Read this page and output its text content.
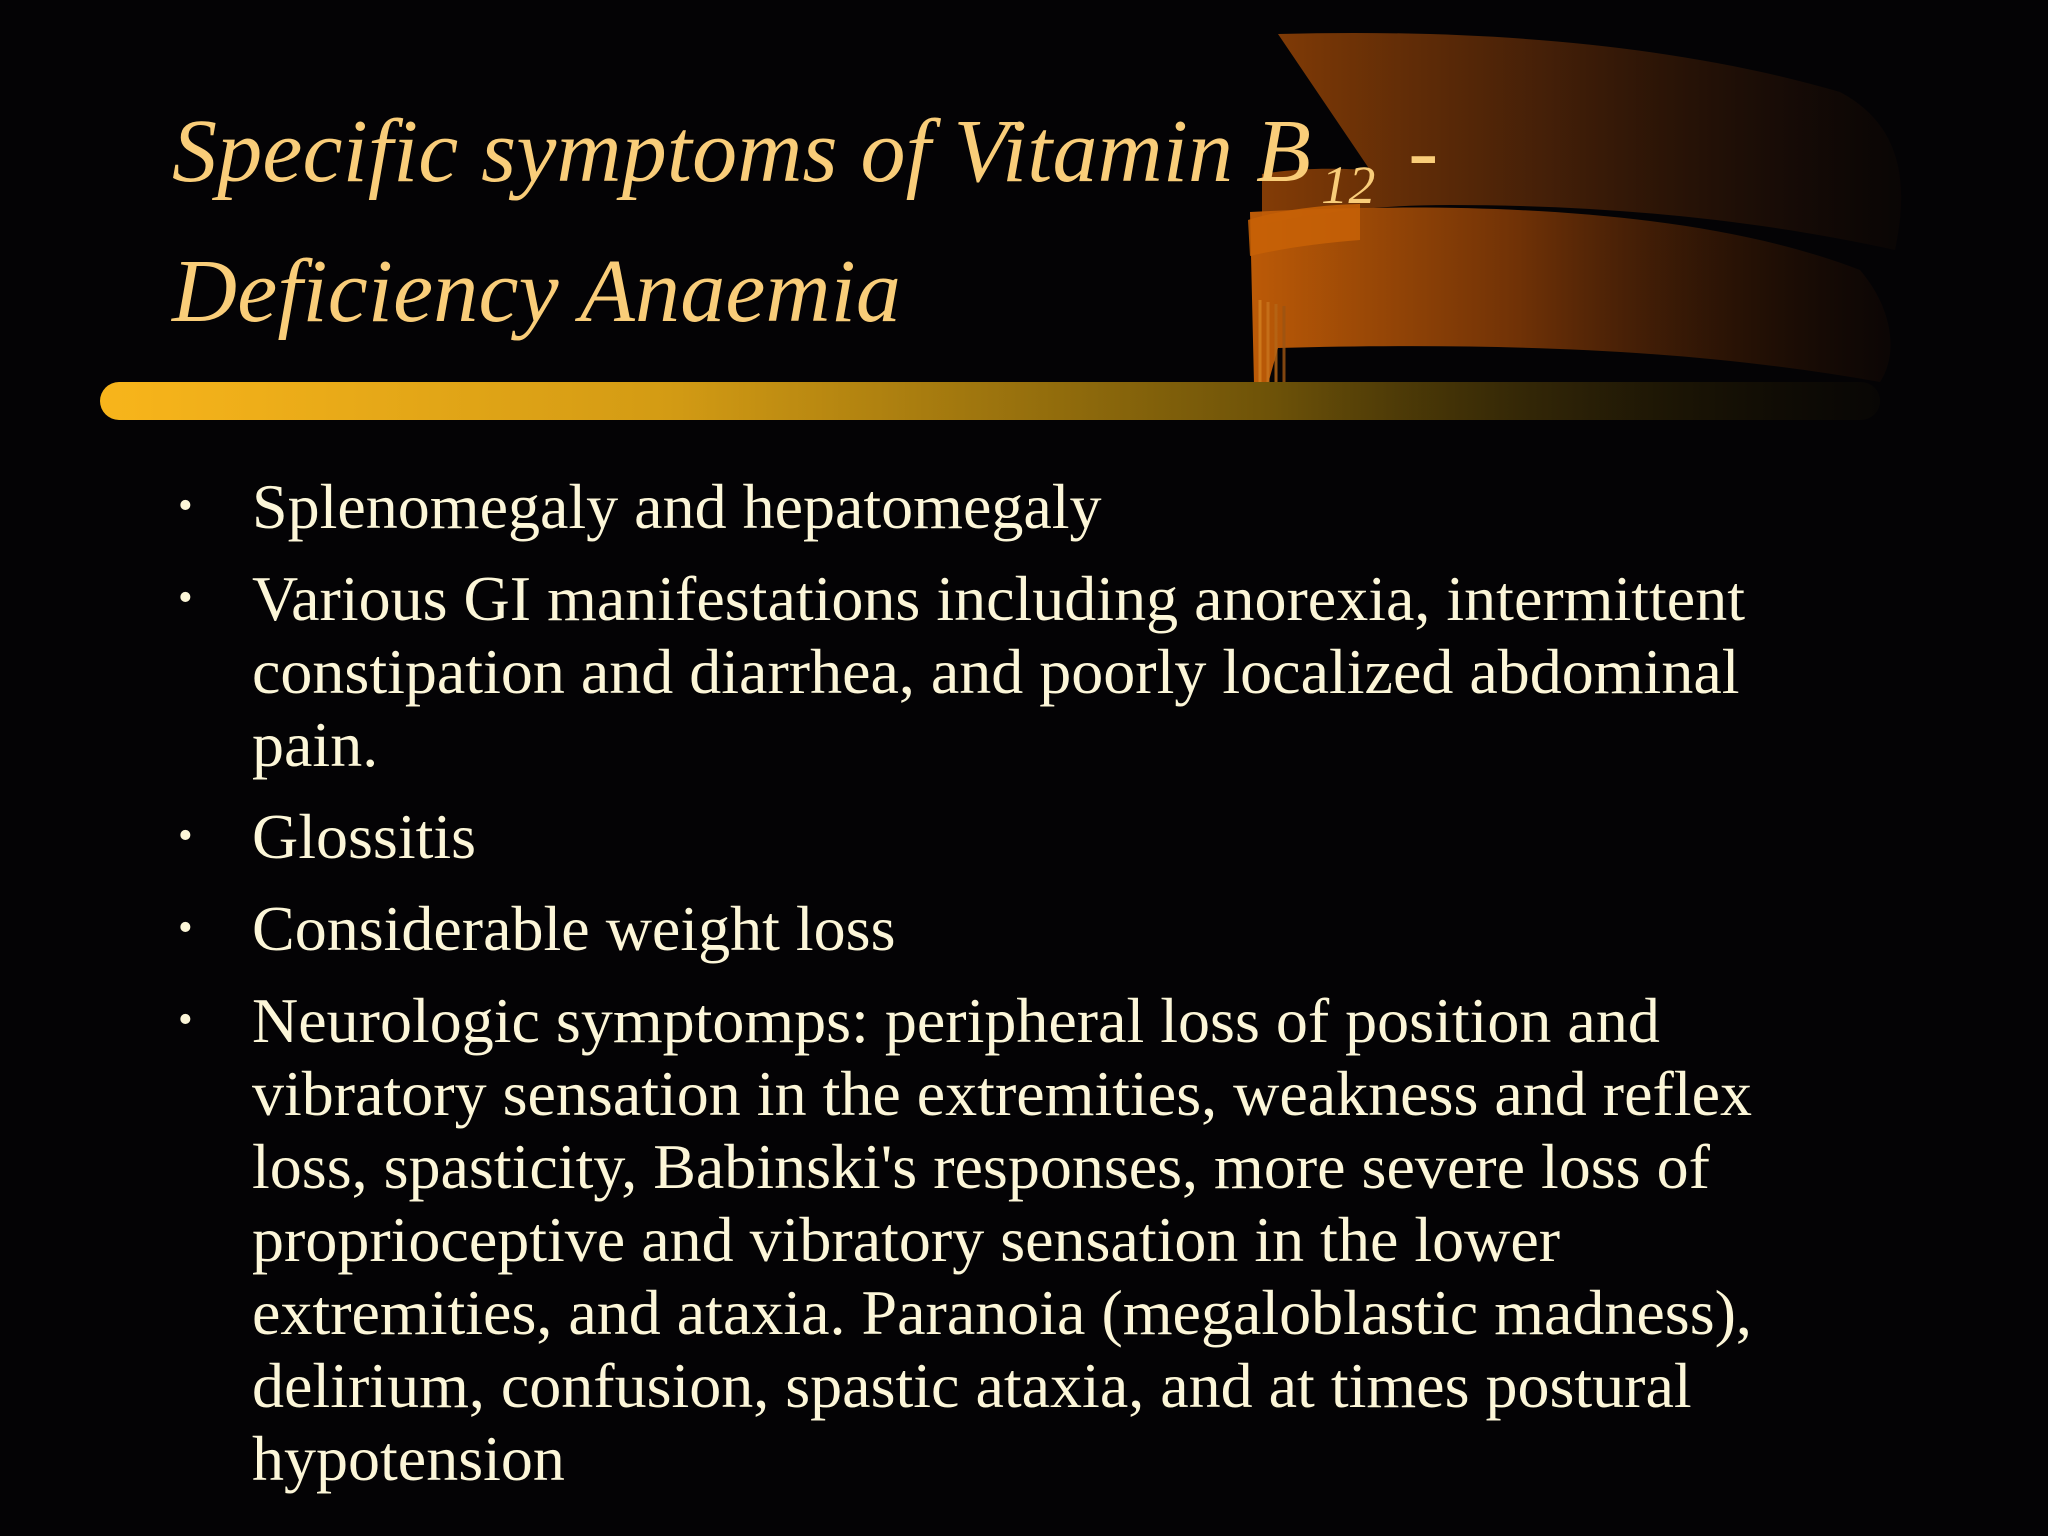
Specific symptoms of Vitamin B $_{12}$ -
Deficiency Anaemia
• Splenomegaly and hepatomegaly
• Various GI manifestations including anorexia, intermittent constipation and diarrhea, and poorly localized abdominal pain.
• Glossitis
• Considerable weight loss
• Neurologic symptomps: peripheral loss of position and vibratory sensation in the extremities, weakness and reflex loss, spasticity, Babinski's responses, more severe loss of proprioceptive and vibratory sensation in the lower extremities, and ataxia. Paranoia (megaloblastic madness), delirium, confusion, spastic ataxia, and at times postural hypotension
